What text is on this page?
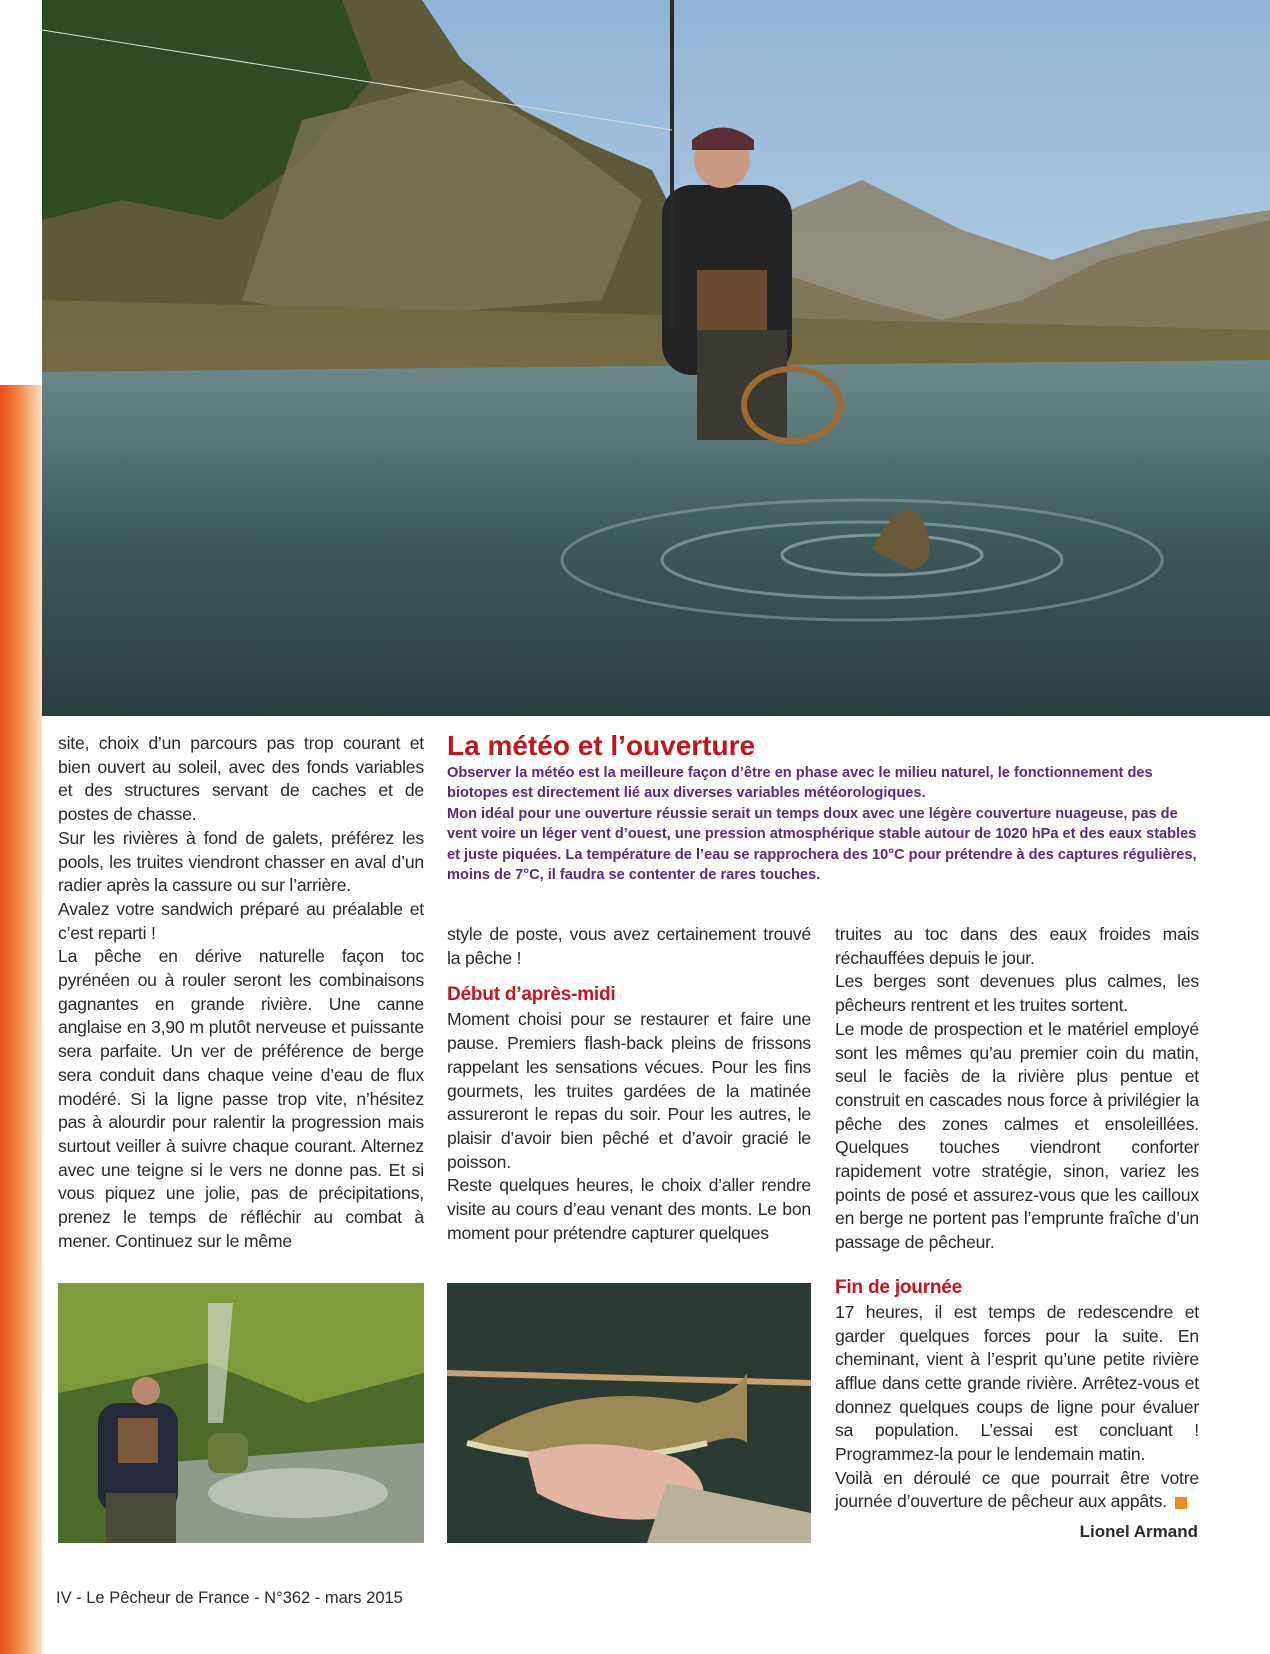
site, choix d’un parcours pas trop courant et bien ouvert au soleil, avec des fonds variables et des structures servant de caches et de postes de chasse.

Sur les rivières à fond de galets, préférez les pools, les truites viendront chasser en aval d’un radier après la cassure ou sur l’arrière.

Avalez votre sandwich préparé au préalable et c’est reparti !

La pêche en dérive naturelle façon toc pyrénéen ou à rouler seront les combinaisons gagnantes en grande rivière. Une canne anglaise en 3,90 m plutôt nerveuse et puissante sera parfaite. Un ver de préférence de berge sera conduit dans chaque veine d’eau de flux modéré. Si la ligne passe trop vite, n’hésitez pas à alourdir pour ralentir la progression mais surtout veiller à suivre chaque courant. Alternez avec une teigne si le vers ne donne pas. Et si vous piquez une jolie, pas de précipitations, prenez le temps de réfléchir au combat à mener. Continuez sur le même

La météo et l’ouverture

Observer la météo est la meilleure façon d’être en phase avec le milieu naturel, le fonctionnement des biotopes est directement lié aux diverses variables météorologiques.

Mon idéal pour une ouverture réussie serait un temps doux avec une légère couverture nuageuse, pas de vent voire un léger vent d’ouest, une pression atmosphérique stable autour de 1020 hPa et des eaux stables et juste piquées. La température de l’eau se rapprochera des 10°C pour prétendre à des captures régulières, moins de 7°C, il faudra se contenter de rares touches.

style de poste, vous avez certainement trouvé la pêche !

Début d’après-midi

Moment choisi pour se restaurer et faire une pause. Premiers flash-back pleins de frissons rappelant les sensations vécues. Pour les fins gourmets, les truites gardées de la matinée assureront le repas du soir. Pour les autres, le plaisir d’avoir bien pêché et d’avoir gracié le poisson.

Reste quelques heures, le choix d’aller rendre visite au cours d’eau venant des monts. Le bon moment pour prétendre capturer quelques

truites au toc dans des eaux froides mais réchauffées depuis le jour.

Les berges sont devenues plus calmes, les pêcheurs rentrent et les truites sortent.

Le mode de prospection et le matériel employé sont les mêmes qu’au premier coin du matin, seul le faciès de la rivière plus pentue et construit en cascades nous force à privilégier la pêche des zones calmes et ensoleillées. Quelques touches viendront conforter rapidement votre stratégie, sinon, variez les points de posé et assurez-vous que les cailloux en berge ne portent pas l’emprunte fraîche d’un passage de pêcheur.

Fin de journée

17 heures, il est temps de redescendre et garder quelques forces pour la suite. En cheminant, vient à l’esprit qu’une petite rivière afflue dans cette grande rivière. Arrêtez-vous et donnez quelques coups de ligne pour évaluer sa population. L’essai est concluant ! Programmez-la pour le lendemain matin.

Voilà en déroulé ce que pourrait être votre journée d’ouverture de pêcheur aux appâts.

Lionel Armand
IV - Le Pêcheur de France - N°362 - mars 2015
